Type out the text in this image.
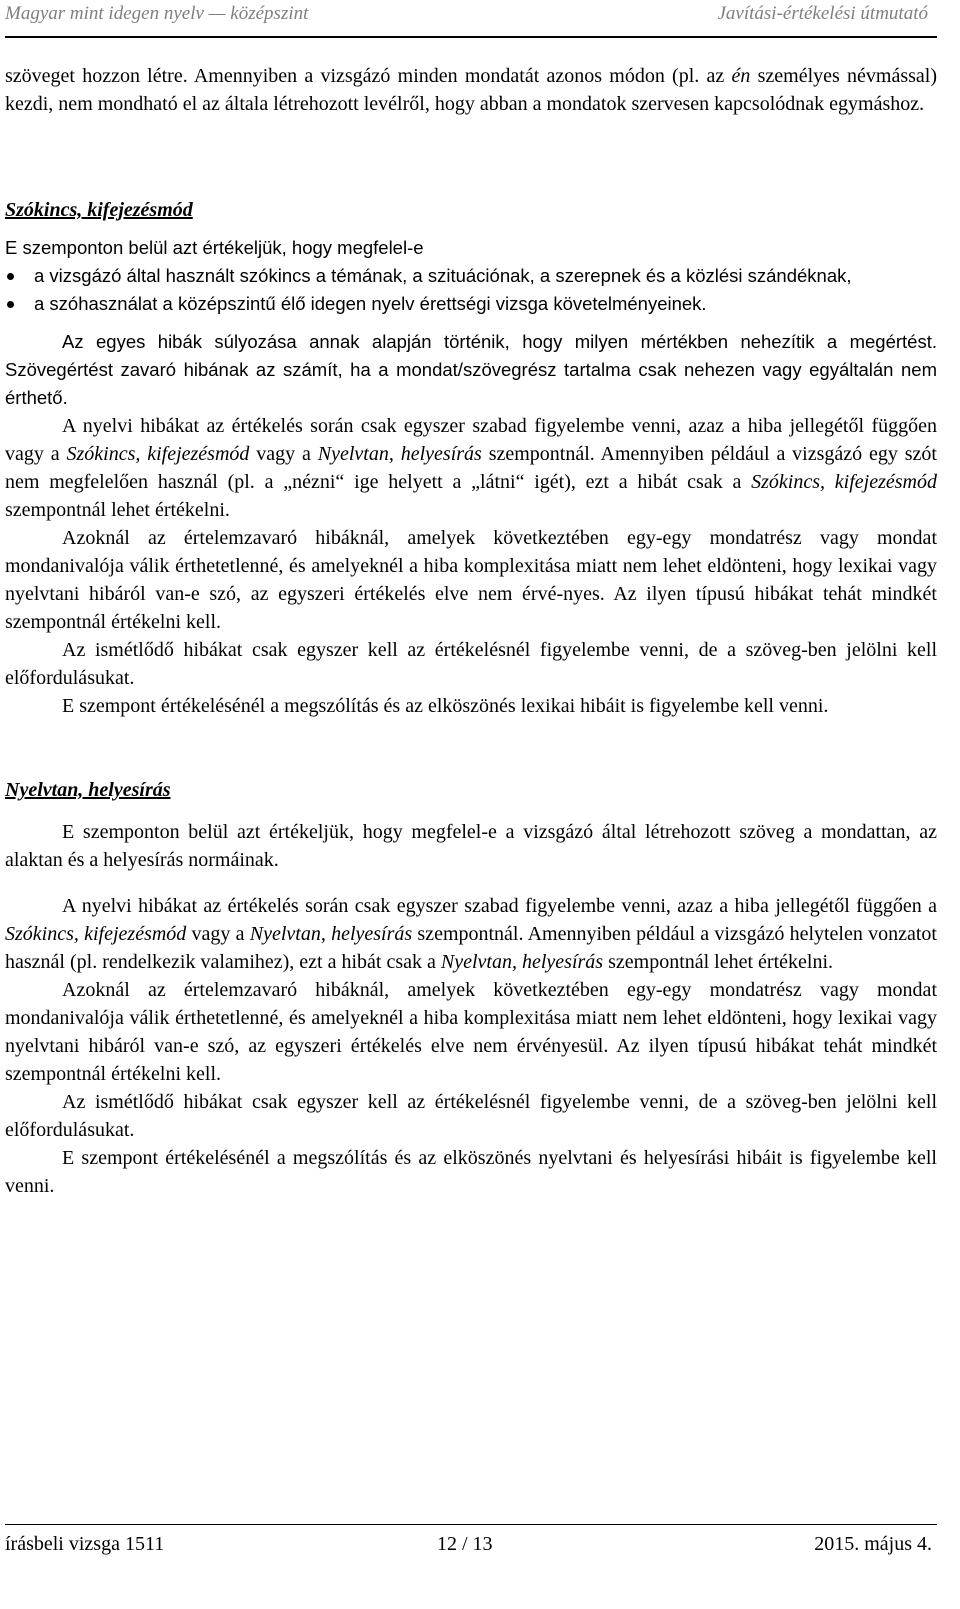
Magyar mint idegen nyelv — középszint	Javítási-értékelési útmutató

szöveget hozzon létre. Amennyiben a vizsgázó minden mondatát azonos módon (pl. az én személyes névmással) kezdi, nem mondható el az általa létrehozott levélről, hogy abban a mondatok szervesen kapcsolódnak egymáshoz.

Szókincs, kifejezésmód

E szemponton belül azt értékeljük, hogy megfelel-e

a vizsgázó által használt szókincs a témának, a szituációnak, a szerepnek és a közlési szándéknak,
a szóhasználat a középszintű élő idegen nyelv érettségi vizsga követelményeinek.

Az egyes hibák súlyozása annak alapján történik, hogy milyen mértékben nehezítik a megértést. Szövegértést zavaró hibának az számít, ha a mondat/szövegrész tartalma csak nehezen vagy egyáltalán nem érthető.

A nyelvi hibákat az értékelés során csak egyszer szabad figyelembe venni, azaz a hiba jellegétől függően vagy a Szókincs, kifejezésmód vagy a Nyelvtan, helyesírás szempontnál. Amennyiben például a vizsgázó egy szót nem megfelelően használ (pl. a „nézni“ ige helyett a „látni“ igét), ezt a hibát csak a Szókincs, kifejezésmód szempontnál lehet értékelni.

Azoknál az értelemzavaró hibáknál, amelyek következtében egy-egy mondatrész vagy mondat mondanivalója válik érthetetlenné, és amelyeknél a hiba komplexitása miatt nem lehet eldönteni, hogy lexikai vagy nyelvtani hibáról van-e szó, az egyszeri értékelés elve nem érvé-nyes. Az ilyen típusú hibákat tehát mindkét szempontnál értékelni kell.

Az ismétlődő hibákat csak egyszer kell az értékelésnél figyelembe venni, de a szöveg-ben jelölni kell előfordulásukat.

E szempont értékelésénél a megszólítás és az elköszönés lexikai hibáit is figyelembe kell venni.

Nyelvtan, helyesírás

E szemponton belül azt értékeljük, hogy megfelel-e a vizsgázó által létrehozott szöveg a mondattan, az alaktan és a helyesírás normáinak.

A nyelvi hibákat az értékelés során csak egyszer szabad figyelembe venni, azaz a hiba jellegétől függően a Szókincs, kifejezésmód vagy a Nyelvtan, helyesírás szempontnál. Amennyiben például a vizsgázó helytelen vonzatot használ (pl. rendelkezik valamihez), ezt a hibát csak a Nyelvtan, helyesírás szempontnál lehet értékelni.

Azoknál az értelemzavaró hibáknál, amelyek következtében egy-egy mondatrész vagy mondat mondanivalója válik érthetetlenné, és amelyeknél a hiba komplexitása miatt nem lehet eldönteni, hogy lexikai vagy nyelvtani hibáról van-e szó, az egyszeri értékelés elve nem érvényesül. Az ilyen típusú hibákat tehát mindkét szempontnál értékelni kell.

Az ismétlődő hibákat csak egyszer kell az értékelésnél figyelembe venni, de a szöveg-ben jelölni kell előfordulásukat.

E szempont értékelésénél a megszólítás és az elköszönés nyelvtani és helyesírási hibáit is figyelembe kell venni.

írásbeli vizsga 1511	12 / 13	2015. május 4.
